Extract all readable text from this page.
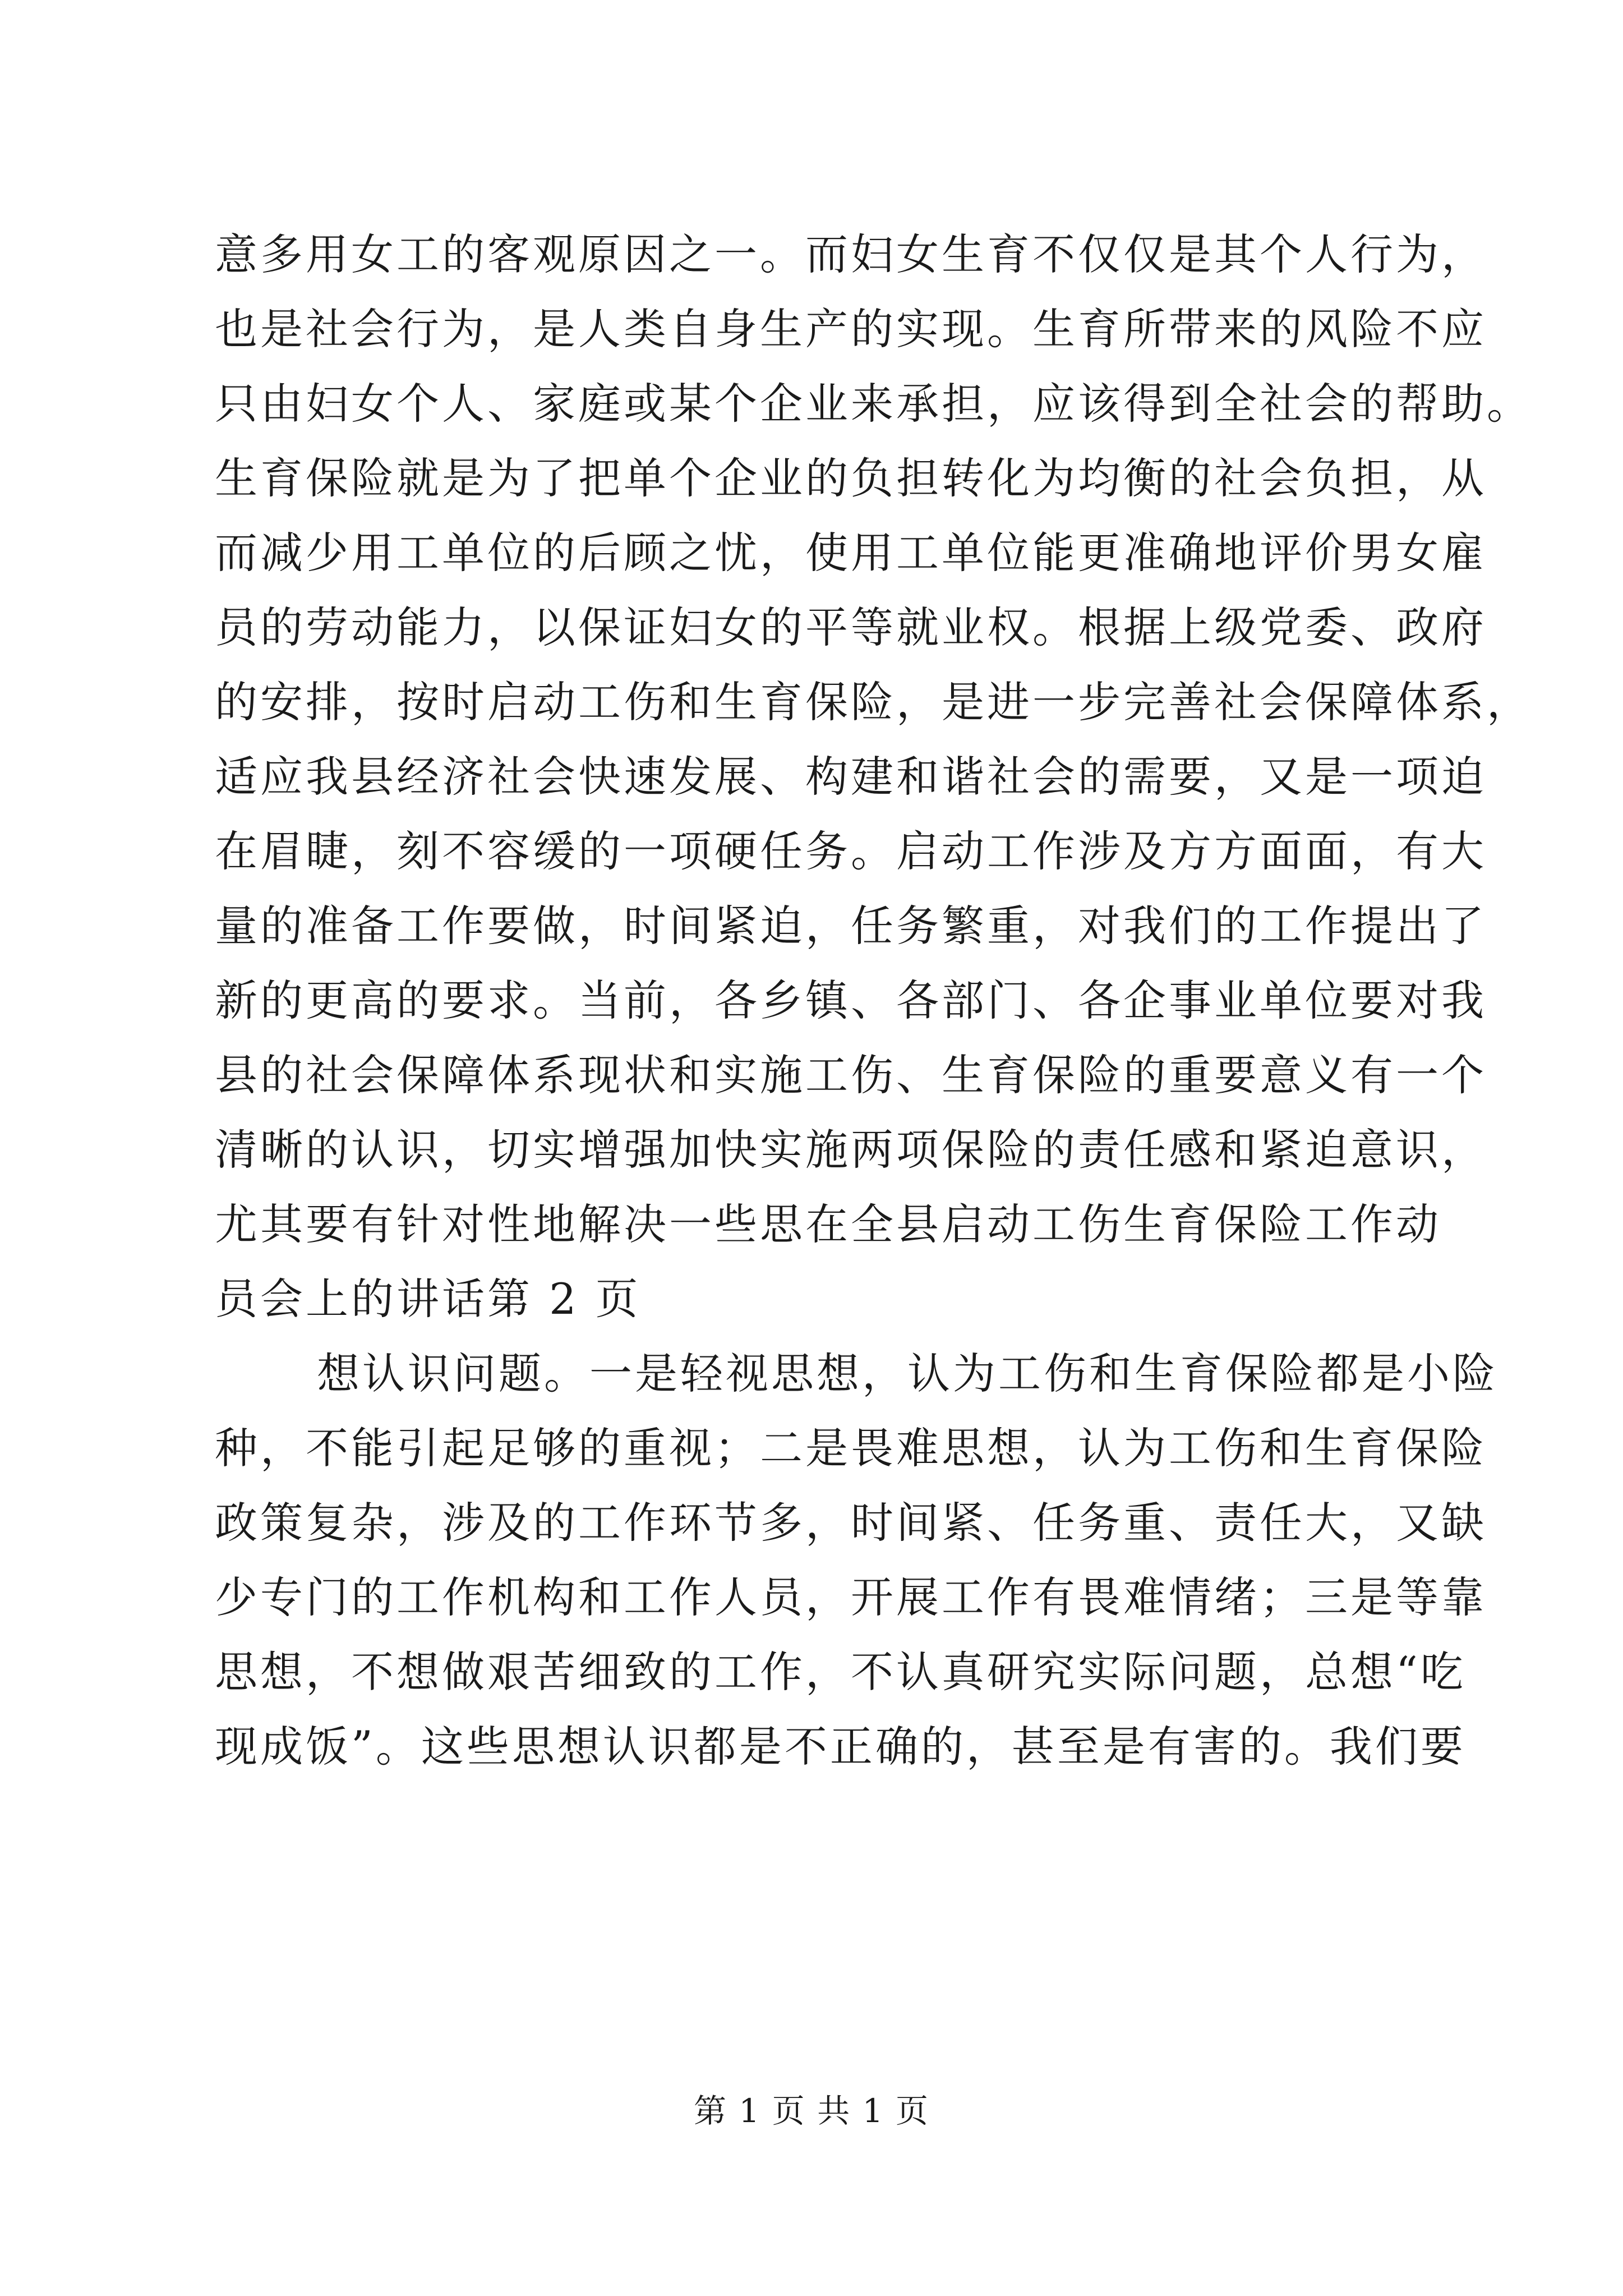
意多用女工的客观原因之一。而妇女生育不仅仅是其个人行为，
也是社会行为，是人类自身生产的实现。生育所带来的风险不应
只由妇女个人、家庭或某个企业来承担，应该得到全社会的帮助。
生育保险就是为了把单个企业的负担转化为均衡的社会负担，从
而减少用工单位的后顾之忧，使用工单位能更准确地评价男女雇
员的劳动能力，以保证妇女的平等就业权。根据上级党委、政府
的安排，按时启动工伤和生育保险，是进一步完善社会保障体系，
适应我县经济社会快速发展、构建和谐社会的需要，又是一项迫
在眉睫，刻不容缓的一项硬任务。启动工作涉及方方面面，有大
量的准备工作要做，时间紧迫，任务繁重，对我们的工作提出了
新的更高的要求。当前，各乡镇、各部门、各企事业单位要对我
县的社会保障体系现状和实施工伤、生育保险的重要意义有一个
清晰的认识，切实增强加快实施两项保险的责任感和紧迫意识，
尤其要有针对性地解决一些思在全县启动工伤生育保险工作动
员会上的讲话第 2 页
想认识问题。一是轻视思想，认为工伤和生育保险都是小险
种，不能引起足够的重视；二是畏难思想，认为工伤和生育保险
政策复杂，涉及的工作环节多，时间紧、任务重、责任大，又缺
少专门的工作机构和工作人员，开展工作有畏难情绪；三是等靠
思想，不想做艰苦细致的工作，不认真研究实际问题，总想“吃
现成饭”。这些思想认识都是不正确的，甚至是有害的。我们要
第 1 页 共 1 页
